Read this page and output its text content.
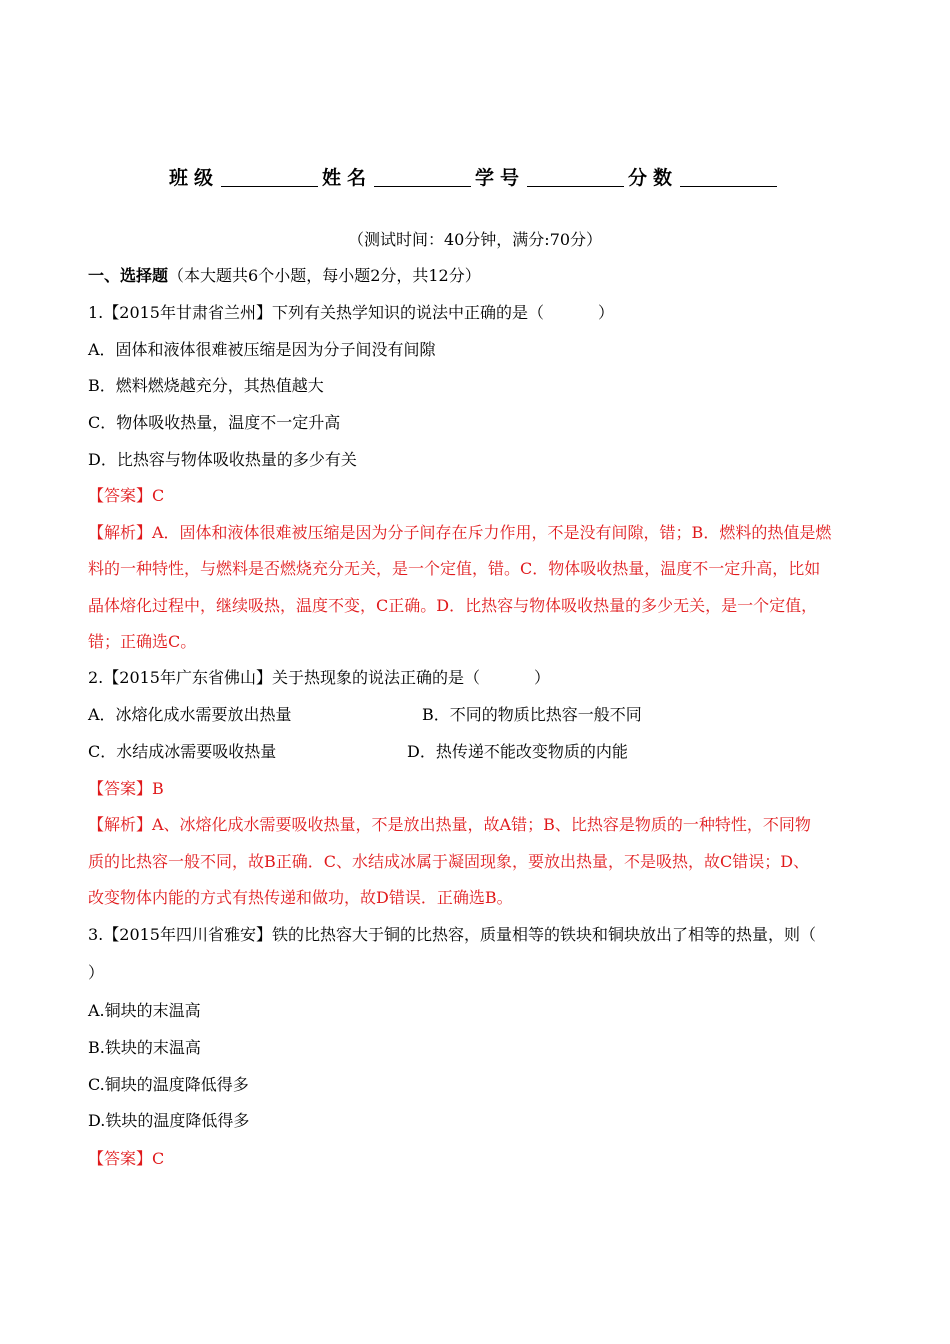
班级	姓名	学号	分数
（测试时间：40分钟，满分:70分）
一、选择题（本大题共6个小题，每小题2分，共12分）
1.【2015年甘肃省兰州】下列有关热学知识的说法中正确的是（	）
A．固体和液体很难被压缩是因为分子间没有间隙
B．燃料燃烧越充分，其热值越大
C．物体吸收热量，温度不一定升高
D．比热容与物体吸收热量的多少有关
【答案】C
【解析】A．固体和液体很难被压缩是因为分子间存在斥力作用，不是没有间隙，错；B．燃料的热值是燃
料的一种特性，与燃料是否燃烧充分无关，是一个定值，错。C．物体吸收热量，温度不一定升高，比如
晶体熔化过程中，继续吸热，温度不变，C正确。D．比热容与物体吸收热量的多少无关，是一个定值，
错；正确选C。
2.【2015年广东省佛山】关于热现象的说法正确的是（	）
A．冰熔化成水需要放出热量	B．不同的物质比热容一般不同
C．水结成冰需要吸收热量	D．热传递不能改变物质的内能
【答案】B
【解析】A、冰熔化成水需要吸收热量，不是放出热量，故A错；B、比热容是物质的一种特性，不同物
质的比热容一般不同，故B正确．C、水结成冰属于凝固现象，要放出热量，不是吸热，故C错误；D、
改变物体内能的方式有热传递和做功，故D错误．正确选B。
3.【2015年四川省雅安】铁的比热容大于铜的比热容，质量相等的铁块和铜块放出了相等的热量，则（
）
A.铜块的末温高
B.铁块的末温高
C.铜块的温度降低得多
D.铁块的温度降低得多
【答案】C
